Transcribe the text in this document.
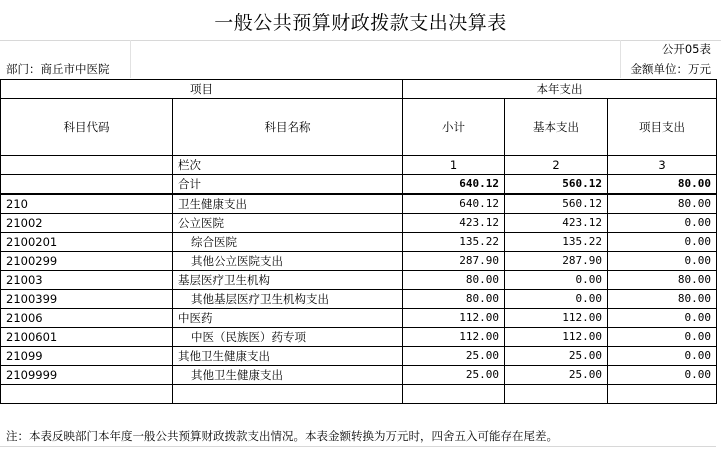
一般公共预算财政拨款支出决算表
公开05表
部门：商丘市中医院	金额单位：万元
项目		本年支出		
科目代码	科目名称	小计	基本支出	项目支出
	栏次	1	2	3
	合计	640.12	560.12	80.00
210	卫生健康支出	640.12	560.12	80.00
21002	公立医院	423.12	423.12	0.00
2100201	综合医院	135.22	135.22	0.00
2100299	其他公立医院支出	287.90	287.90	0.00
21003	基层医疗卫生机构	80.00	0.00	80.00
2100399	其他基层医疗卫生机构支出	80.00	0.00	80.00
21006	中医药	112.00	112.00	0.00
2100601	中医（民族医）药专项	112.00	112.00	0.00
21099	其他卫生健康支出	25.00	25.00	0.00
2109999	其他卫生健康支出	25.00	25.00	0.00

注：本表反映部门本年度一般公共预算财政拨款支出情况。本表金额转换为万元时，四舍五入可能存在尾差。
